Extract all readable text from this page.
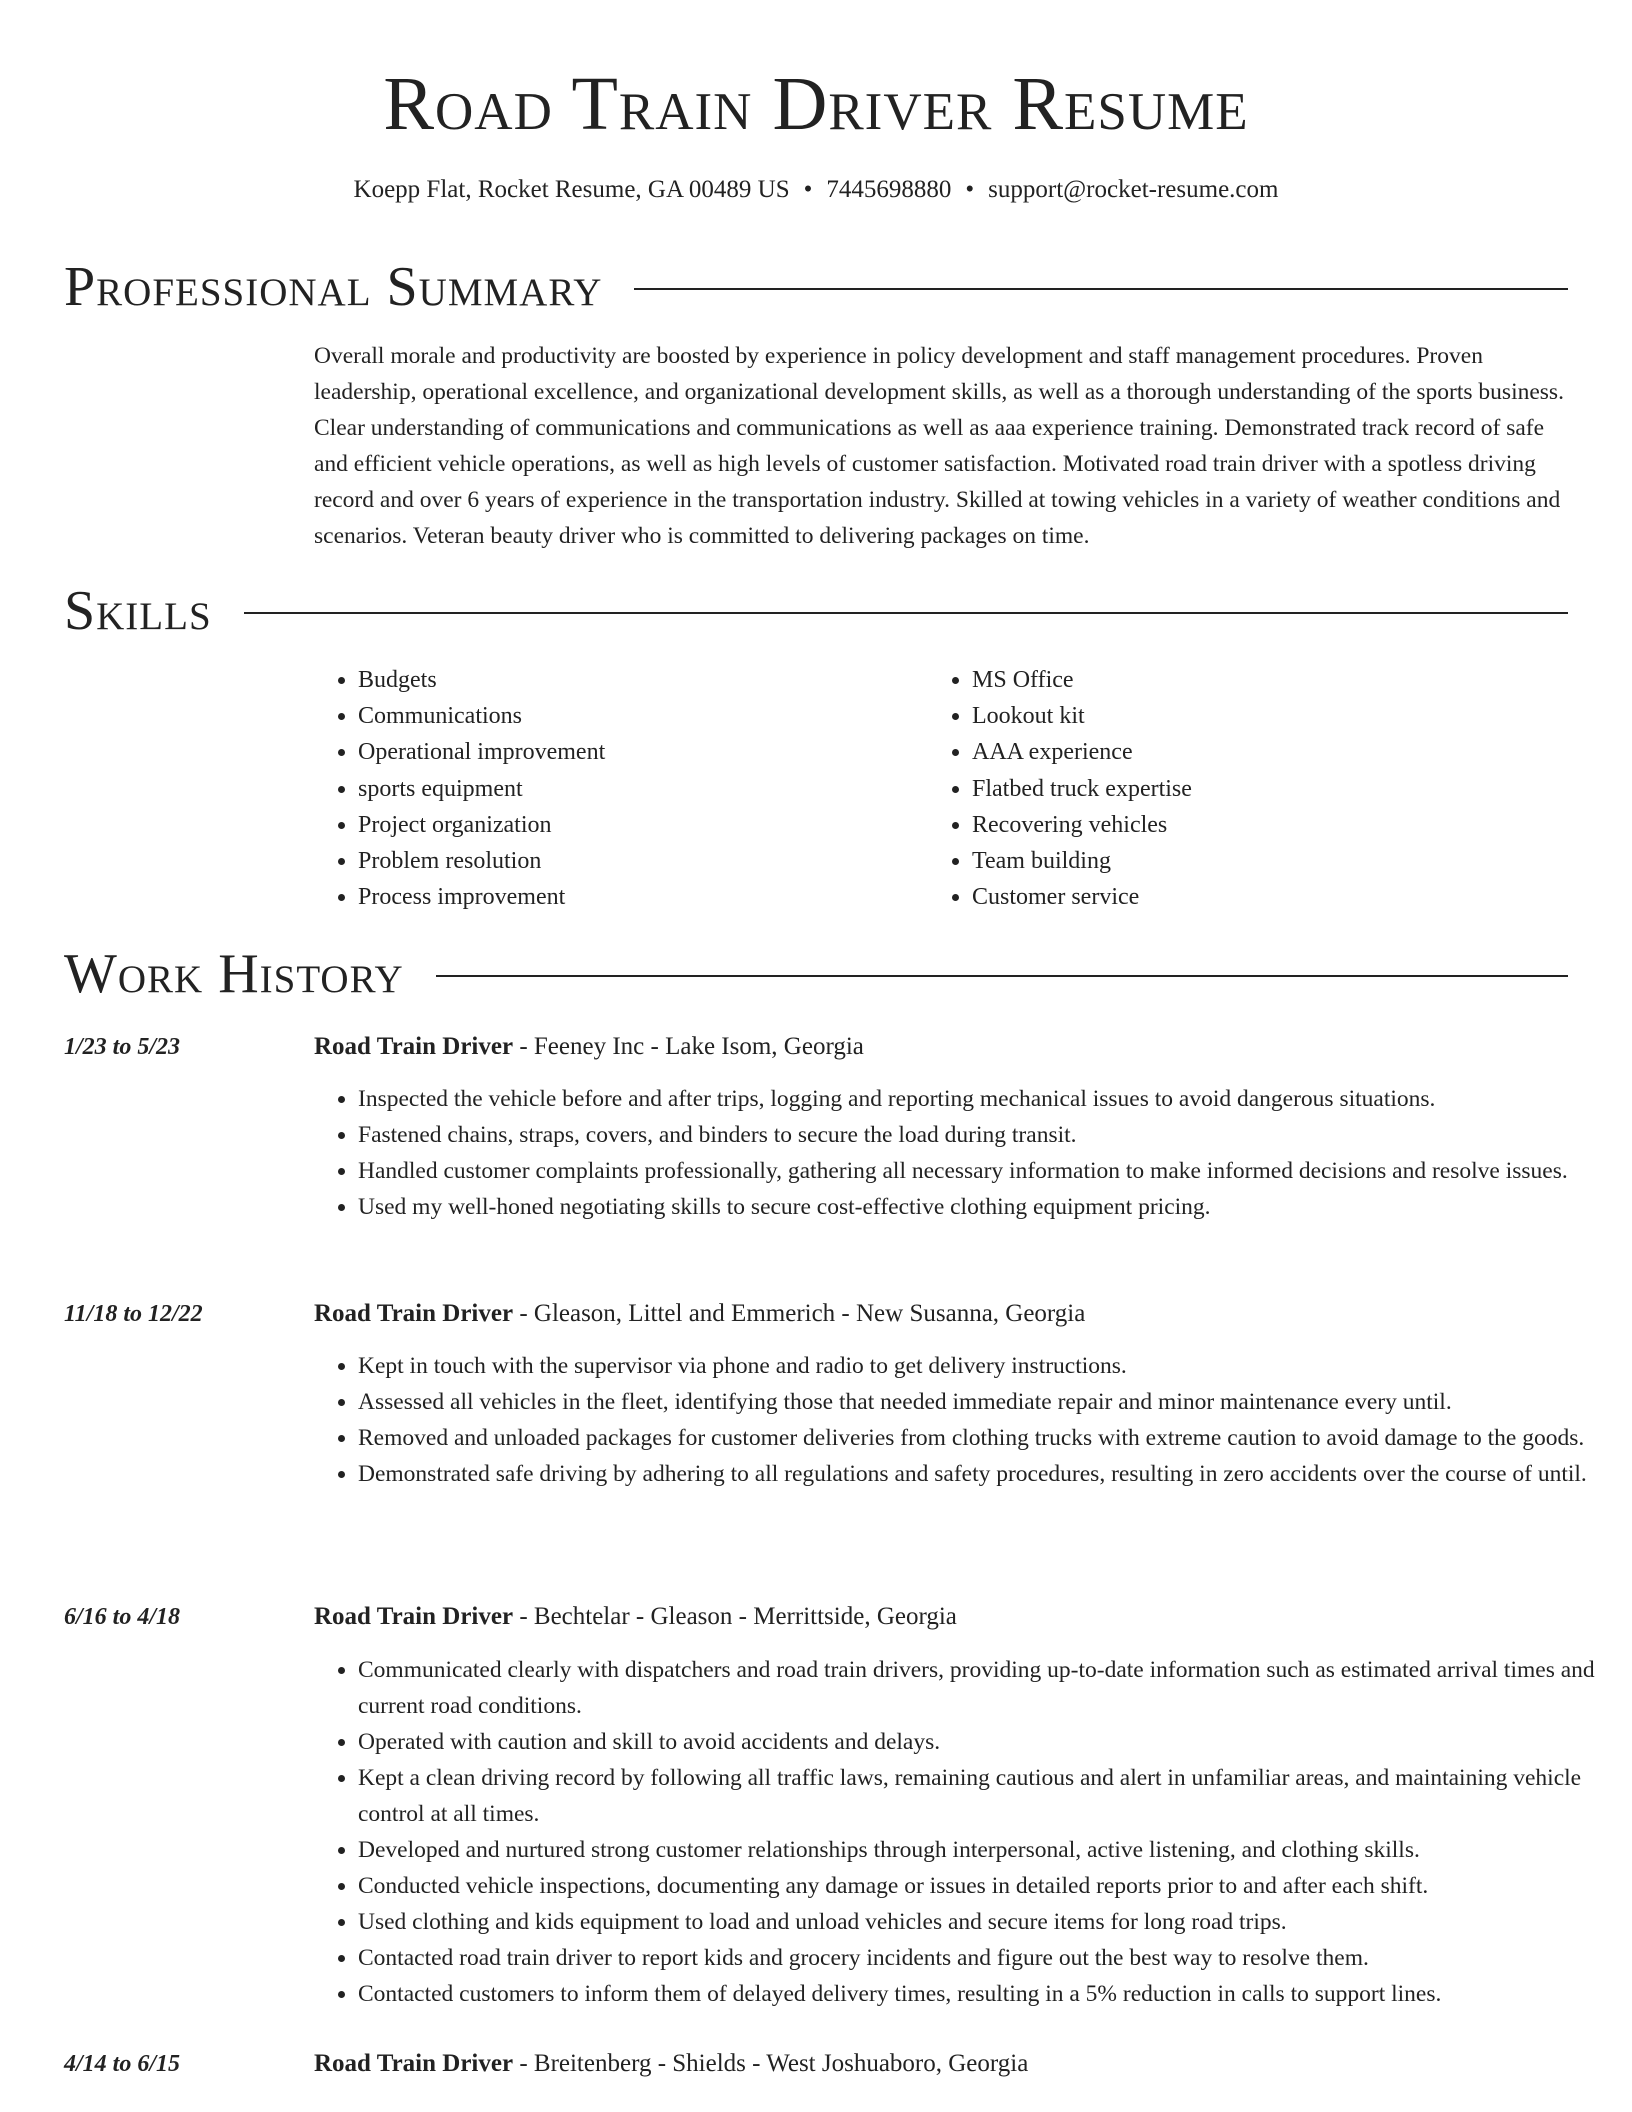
Road Train Driver Resume
Koepp Flat, Rocket Resume, GA 00489 US • 7445698880 • support@rocket-resume.com
Professional Summary

Overall morale and productivity are boosted by experience in policy development and staff management procedures. Proven leadership, operational excellence, and organizational development skills, as well as a thorough understanding of the sports business. Clear understanding of communications and communications as well as aaa experience training. Demonstrated track record of safe and efficient vehicle operations, as well as high levels of customer satisfaction. Motivated road train driver with a spotless driving record and over 6 years of experience in the transportation industry. Skilled at towing vehicles in a variety of weather conditions and scenarios. Veteran beauty driver who is committed to delivering packages on time.

Skills
• Budgets
• Communications
• Operational improvement
• sports equipment
• Project organization
• Problem resolution
• Process improvement
• MS Office
• Lookout kit
• AAA experience
• Flatbed truck expertise
• Recovering vehicles
• Team building
• Customer service
Work History
1/23 to 5/23	Road Train Driver - Feeney Inc - Lake Isom, Georgia
• Inspected the vehicle before and after trips, logging and reporting mechanical issues to avoid dangerous situations.
• Fastened chains, straps, covers, and binders to secure the load during transit.
• Handled customer complaints professionally, gathering all necessary information to make informed decisions and resolve issues.
• Used my well-honed negotiating skills to secure cost-effective clothing equipment pricing.
11/18 to 12/22	Road Train Driver - Gleason, Littel and Emmerich - New Susanna, Georgia
• Kept in touch with the supervisor via phone and radio to get delivery instructions.
• Assessed all vehicles in the fleet, identifying those that needed immediate repair and minor maintenance every until.
• Removed and unloaded packages for customer deliveries from clothing trucks with extreme caution to avoid damage to the goods.
• Demonstrated safe driving by adhering to all regulations and safety procedures, resulting in zero accidents over the course of until.
6/16 to 4/18	Road Train Driver - Bechtelar - Gleason - Merrittside, Georgia
• Communicated clearly with dispatchers and road train drivers, providing up-to-date information such as estimated arrival times and current road conditions.
• Operated with caution and skill to avoid accidents and delays.
• Kept a clean driving record by following all traffic laws, remaining cautious and alert in unfamiliar areas, and maintaining vehicle control at all times.
• Developed and nurtured strong customer relationships through interpersonal, active listening, and clothing skills.
• Conducted vehicle inspections, documenting any damage or issues in detailed reports prior to and after each shift.
• Used clothing and kids equipment to load and unload vehicles and secure items for long road trips.
• Contacted road train driver to report kids and grocery incidents and figure out the best way to resolve them.
• Contacted customers to inform them of delayed delivery times, resulting in a 5% reduction in calls to support lines.
4/14 to 6/15	Road Train Driver - Breitenberg - Shields - West Joshuaboro, Georgia
